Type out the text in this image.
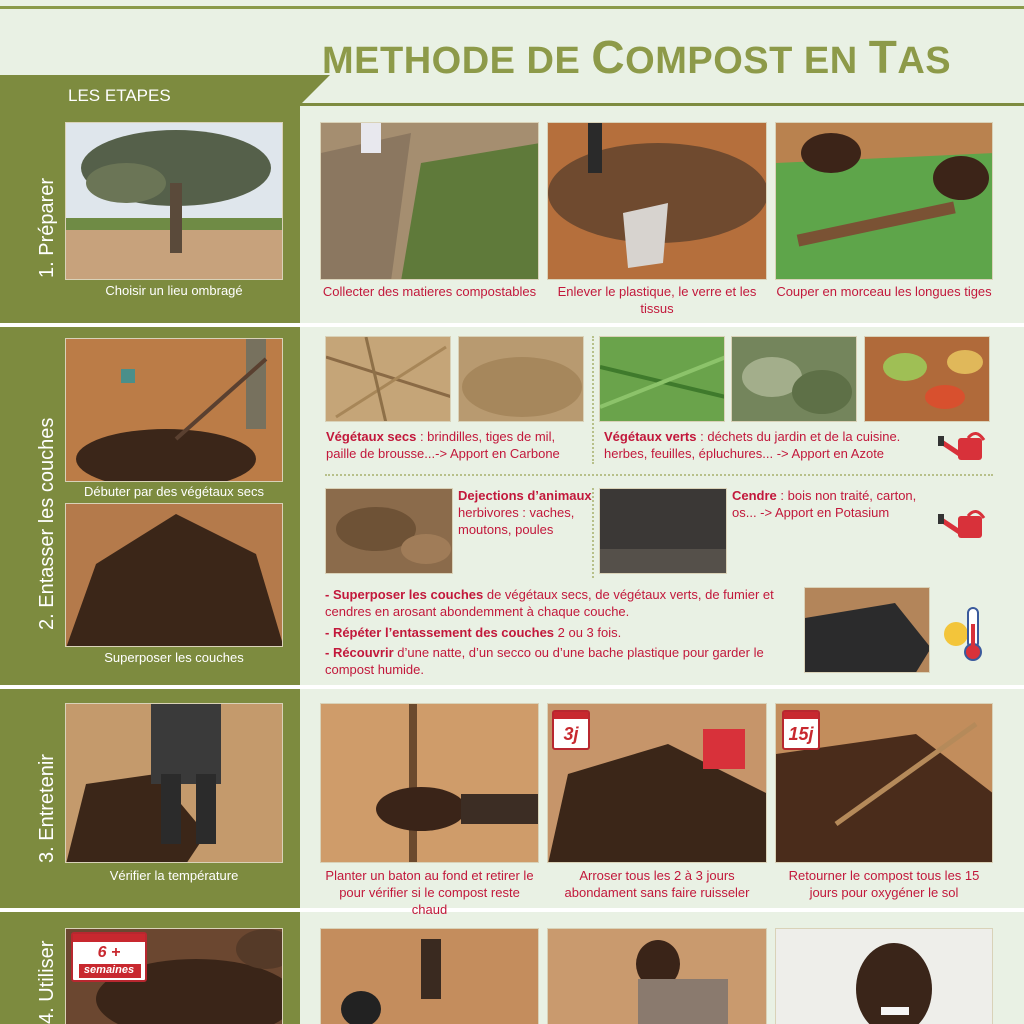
METHODE DE COMPOST EN TAS
LES ETAPES
1. Préparer
2. Entasser les couches
3. Entretenir
4. Utiliser
Choisir un lieu ombragé	Collecter des matieres compostables	Enlever le plastique, le verre et les tissus
Couper en morceau les longues tiges
Débuter par des végétaux secs
Superposer les couches
Végétaux secs : brindilles, tiges de mil, paille de brousse...-> Apport en Carbone
Végétaux verts : déchets du jardin et de la cuisine. herbes, feuilles, épluchures... -> Apport en Azote
Dejections d’animaux
herbivores : vaches, moutons, poules
Cendre : bois non traité, carton, os... -> Apport en Potasium
- Superposer les couches de végétaux secs, de végétaux verts, de fumier et cendres en arosant abondemment à chaque couche.
- Répéter l’entassement des couches 2 ou 3 fois.
- Récouvrir d’une natte, d’un secco ou d’une bache plastique pour garder le compost humide.
Vérifier la température
3j	15j
Planter un baton au fond et retirer le pour vérifier si le compost reste chaud
Arroser tous les 2 à 3 jours abondament sans faire ruisseler
Retourner le compost tous les 15 jours pour oxygéner le sol
6 +
semaines
